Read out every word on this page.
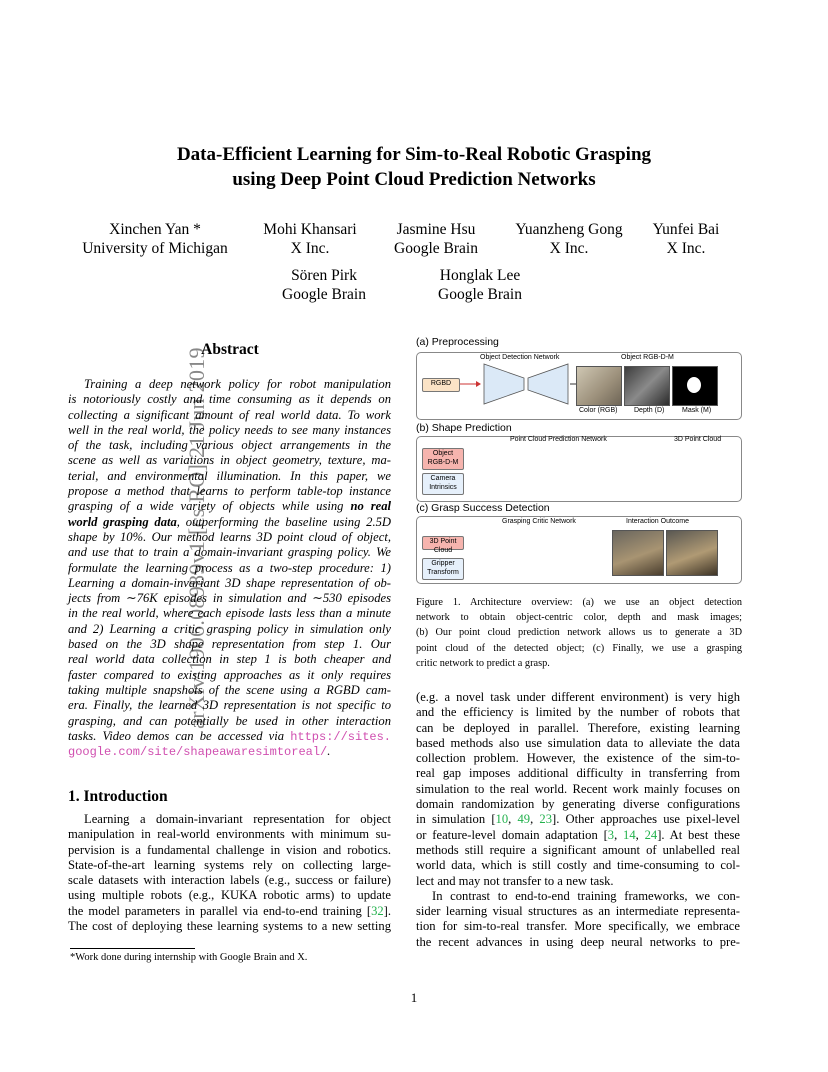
arXiv:1906.08989v1 [cs.RO] 21 Jun 2019
Data-Efficient Learning for Sim-to-Real Robotic Grasping
using Deep Point Cloud Prediction Networks
Xinchen Yan *
University of Michigan
Mohi Khansari
X Inc.
Jasmine Hsu
Google Brain
Yuanzheng Gong
X Inc.
Yunfei Bai
X Inc.
Sören Pirk
Google Brain
Honglak Lee
Google Brain
Abstract
Training a deep network policy for robot manipulation
is notoriously costly and time consuming as it depends on
collecting a significant amount of real world data. To work
well in the real world, the policy needs to see many instances
of the task, including various object arrangements in the
scene as well as variations in object geometry, texture, ma-
terial, and environmental illumination. In this paper, we
propose a method that learns to perform table-top instance
grasping of a wide variety of objects while using no real
world grasping data, outperforming the baseline using 2.5D
shape by 10%. Our method learns 3D point cloud of object,
and use that to train a domain-invariant grasping policy. We
formulate the learning process as a two-step procedure: 1)
Learning a domain-invariant 3D shape representation of ob-
jects from ∼76K episodes in simulation and ∼530 episodes
in the real world, where each episode lasts less than a minute
and 2) Learning a critic grasping policy in simulation only
based on the 3D shape representation from step 1. Our
real world data collection in step 1 is both cheaper and
faster compared to existing approaches as it only requires
taking multiple snapshots of the scene using a RGBD cam-
era. Finally, the learned 3D representation is not specific to
grasping, and can potentially be used in other interaction
tasks. Video demos can be accessed via https://sites.
google.com/site/shapeawaresimtoreal/.
1. Introduction
Learning a domain-invariant representation for object
manipulation in real-world environments with minimum su-
pervision is a fundamental challenge in vision and robotics.
State-of-the-art learning systems rely on collecting large-
scale datasets with interaction labels (e.g., success or failure)
using multiple robots (e.g., KUKA robotic arms) to update
the model parameters in parallel via end-to-end training [32].
The cost of deploying these learning systems to a new setting
*Work done during internship with Google Brain and X.
(a) Preprocessing
Object Detection Network	Object RGB-D-M
RGBD
Color (RGB) Depth (D)	Mask (M)
(b) Shape Prediction
Point Cloud Prediction Network	3D Point Cloud
Object
RGB-D-M
Camera
Intrinsics
(c) Grasp Success Detection
Grasping Critic Network	Interaction Outcome
3D Point Cloud
Gripper
Transform
Figure 1. Architecture overview: (a) we use an object detection
network to obtain object-centric color, depth and mask images;
(b) Our point cloud prediction network allows us to generate a 3D
point cloud of the detected object; (c) Finally, we use a grasping
critic network to predict a grasp.
(e.g. a novel task under different environment) is very high
and the efficiency is limited by the number of robots that
can be deployed in parallel. Therefore, existing learning
based methods also use simulation data to alleviate the data
collection problem. However, the existence of the sim-to-
real gap imposes additional difficulty in transferring from
simulation to the real world. Recent work mainly focuses on
domain randomization by generating diverse configurations
in simulation [10, 49, 23]. Other approaches use pixel-level
or feature-level domain adaptation [3, 14, 24]. At best these
methods still require a significant amount of unlabelled real
world data, which is still costly and time-consuming to col-
lect and may not transfer to a new task.
In contrast to end-to-end training frameworks, we con-
sider learning visual structures as an intermediate representa-
tion for sim-to-real transfer. More specifically, we embrace
the recent advances in using deep neural networks to pre-
1
